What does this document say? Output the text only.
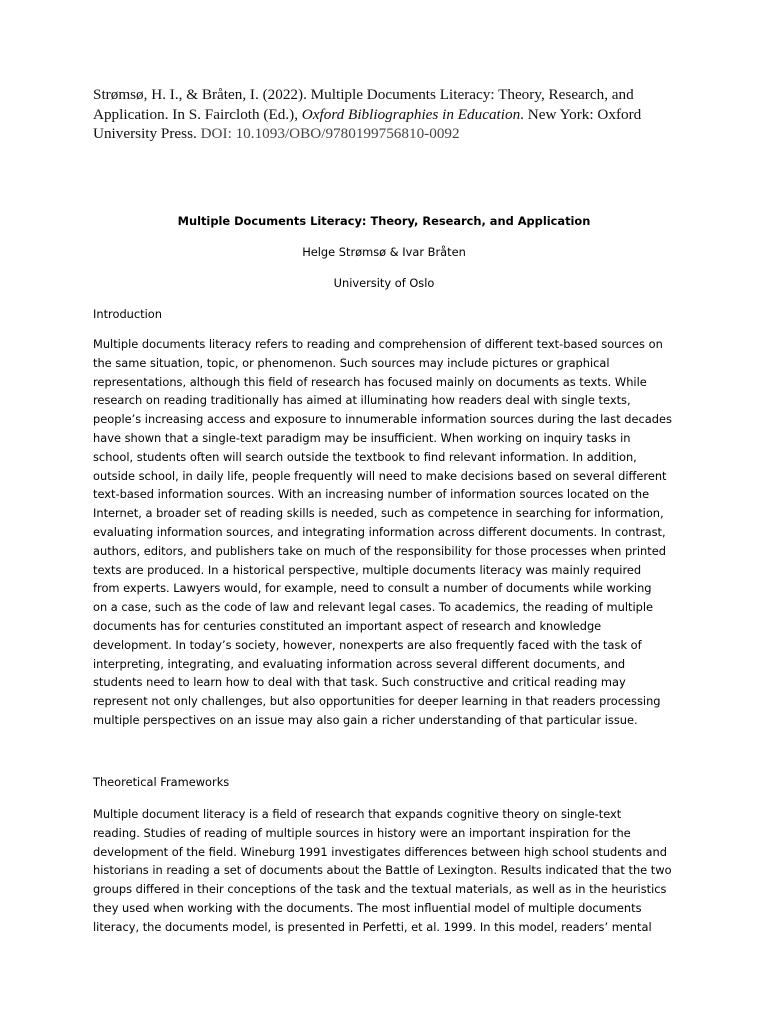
Strømsø, H. I., & Bråten, I. (2022). Multiple Documents Literacy: Theory, Research, and
Application. In S. Faircloth (Ed.), Oxford Bibliographies in Education. New York: Oxford
University Press. DOI: 10.1093/OBO/9780199756810-0092
Multiple Documents Literacy: Theory, Research, and Application
Helge Strømsø & Ivar Bråten
University of Oslo
Introduction
Multiple documents literacy refers to reading and comprehension of different text-based sources on
the same situation, topic, or phenomenon. Such sources may include pictures or graphical
representations, although this field of research has focused mainly on documents as texts. While
research on reading traditionally has aimed at illuminating how readers deal with single texts,
people’s increasing access and exposure to innumerable information sources during the last decades
have shown that a single-text paradigm may be insufficient. When working on inquiry tasks in
school, students often will search outside the textbook to find relevant information. In addition,
outside school, in daily life, people frequently will need to make decisions based on several different
text-based information sources. With an increasing number of information sources located on the
Internet, a broader set of reading skills is needed, such as competence in searching for information,
evaluating information sources, and integrating information across different documents. In contrast,
authors, editors, and publishers take on much of the responsibility for those processes when printed
texts are produced. In a historical perspective, multiple documents literacy was mainly required
from experts. Lawyers would, for example, need to consult a number of documents while working
on a case, such as the code of law and relevant legal cases. To academics, the reading of multiple
documents has for centuries constituted an important aspect of research and knowledge
development. In today’s society, however, nonexperts are also frequently faced with the task of
interpreting, integrating, and evaluating information across several different documents, and
students need to learn how to deal with that task. Such constructive and critical reading may
represent not only challenges, but also opportunities for deeper learning in that readers processing
multiple perspectives on an issue may also gain a richer understanding of that particular issue.
Theoretical Frameworks
Multiple document literacy is a field of research that expands cognitive theory on single-text
reading. Studies of reading of multiple sources in history were an important inspiration for the
development of the field. Wineburg 1991 investigates differences between high school students and
historians in reading a set of documents about the Battle of Lexington. Results indicated that the two
groups differed in their conceptions of the task and the textual materials, as well as in the heuristics
they used when working with the documents. The most influential model of multiple documents
literacy, the documents model, is presented in Perfetti, et al. 1999. In this model, readers’ mental
